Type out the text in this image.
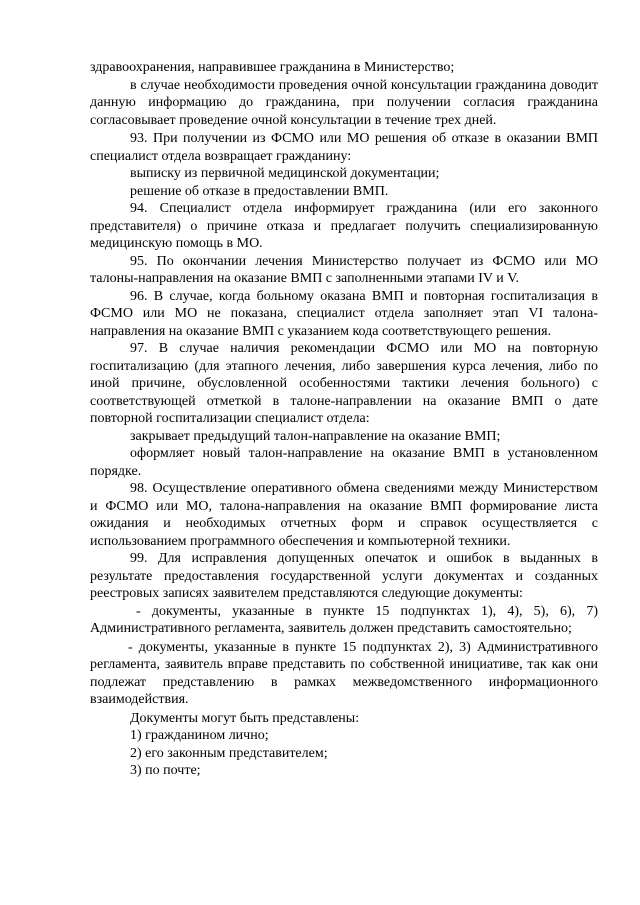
здравоохранения, направившее гражданина в Министерство;

в случае необходимости проведения очной консультации гражданина доводит данную информацию до гражданина, при получении согласия гражданина согласовывает проведение очной консультации в течение трех дней.

93. При получении из ФСМО или МО решения об отказе в оказании ВМП специалист отдела возвращает гражданину:

выписку из первичной медицинской документации;

решение об отказе в предоставлении ВМП.

94. Специалист отдела информирует гражданина (или его законного представителя) о причине отказа и предлагает получить специализированную медицинскую помощь в МО.

95. По окончании лечения Министерство получает из ФСМО или МО талоны-направления на оказание ВМП с заполненными этапами IV и V.

96. В случае, когда больному оказана ВМП и повторная госпитализация в ФСМО или МО не показана, специалист отдела заполняет этап VI талона-направления на оказание ВМП с указанием кода соответствующего решения.

97. В случае наличия рекомендации ФСМО или МО на повторную госпитализацию (для этапного лечения, либо завершения курса лечения, либо по иной причине, обусловленной особенностями тактики лечения больного) с соответствующей отметкой в талоне-направлении на оказание ВМП о дате повторной госпитализации специалист отдела:

закрывает предыдущий талон-направление на оказание ВМП;

оформляет новый талон-направление на оказание ВМП в установленном порядке.

98. Осуществление оперативного обмена сведениями между Министерством и ФСМО или МО, талона-направления на оказание ВМП формирование листа ожидания и необходимых отчетных форм и справок осуществляется с использованием программного обеспечения и компьютерной техники.

99. Для исправления допущенных опечаток и ошибок в выданных в результате предоставления государственной услуги документах и созданных реестровых записях заявителем представляются следующие документы:

- документы, указанные в пункте 15 подпунктах 1), 4), 5), 6), 7) Административного регламента, заявитель должен представить самостоятельно;

- документы, указанные в пункте 15 подпунктах 2), 3) Административного регламента, заявитель вправе представить по собственной инициативе, так как они подлежат представлению в рамках межведомственного информационного взаимодействия.

Документы могут быть представлены:

1) гражданином лично;

2) его законным представителем;

3) по почте;
